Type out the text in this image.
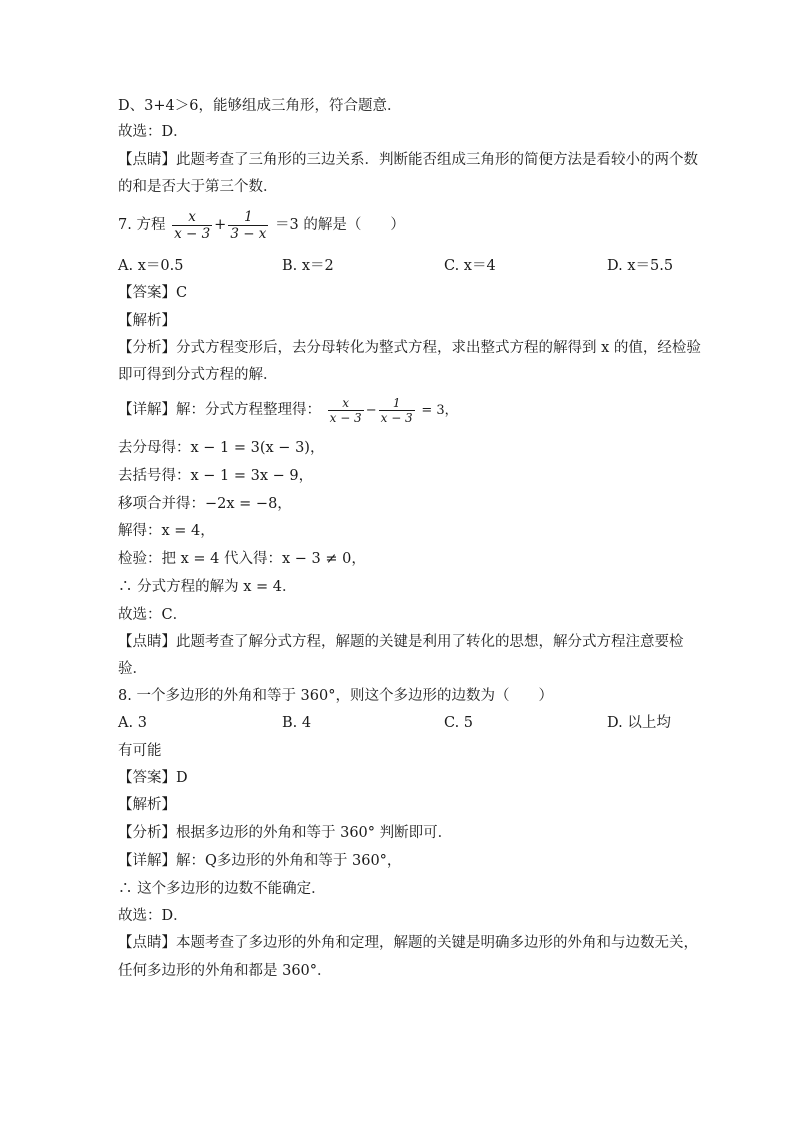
D、3+4＞6，能够组成三角形，符合题意．
故选：D．
【点睛】此题考查了三角形的三边关系．判断能否组成三角形的简便方法是看较小的两个数
的和是否大于第三个数．
7. 方程 $\frac{x}{x - 3} + \frac{1}{3 - x} =3$ 的解是（　　）
A. x＝0.5	B. x＝2	C. x＝4	D. x＝5.5
【答案】C
【解析】
【分析】分式方程变形后，去分母转化为整式方程，求出整式方程的解得到 x 的值，经检验
即可得到分式方程的解．
【详解】解：分式方程整理得： $\frac{x}{x - 3} - \frac{1}{x - 3} = 3$，
去分母得：x − 1 = 3(x − 3)，
去括号得：x − 1 = 3x − 9，
移项合并得：−2x = −8，
解得：x = 4，
检验：把 x = 4 代入得：x − 3 ≠ 0，
∴ 分式方程的解为 x = 4．
故选：C．
【点睛】此题考查了解分式方程，解题的关键是利用了转化的思想，解分式方程注意要检
验．
8. 一个多边形的外角和等于 360°，则这个多边形的边数为（　　）
A. 3	B. 4	C. 5	D. 以上均
有可能
【答案】D
【解析】
【分析】根据多边形的外角和等于 360° 判断即可．
【详解】解：Q多边形的外角和等于 360°，
∴ 这个多边形的边数不能确定．
故选：D．
【点睛】本题考查了多边形的外角和定理，解题的关键是明确多边形的外角和与边数无关，
任何多边形的外角和都是 360°．
